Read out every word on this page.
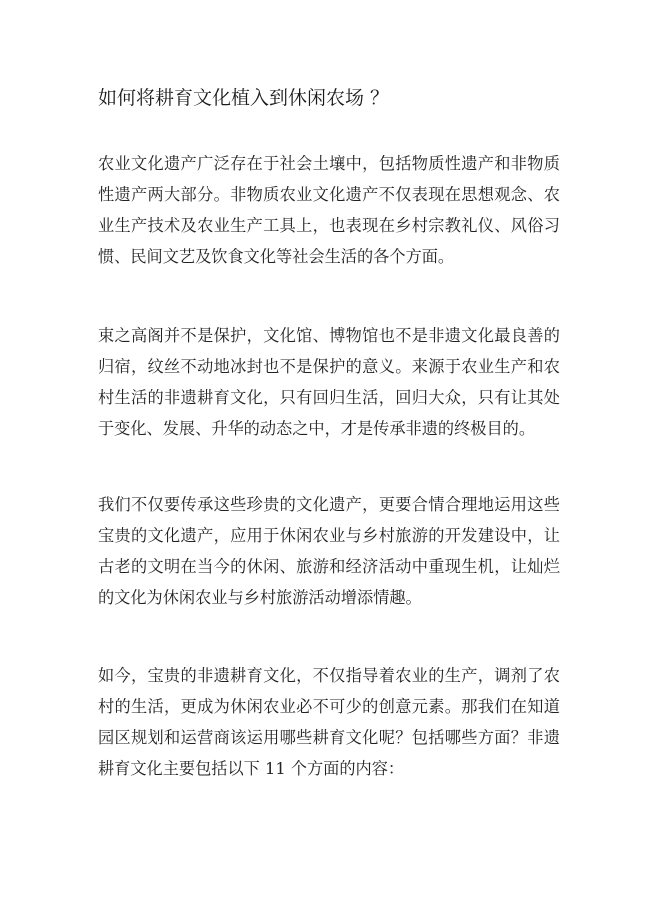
如何将耕育文化植入到休闲农场 ？

农业文化遗产广泛存在于社会土壤中，包括物质性遗产和非物质性遗产两大部分。非物质农业文化遗产不仅表现在思想观念、农业生产技术及农业生产工具上，也表现在乡村宗教礼仪、风俗习惯、民间文艺及饮食文化等社会生活的各个方面。

束之高阁并不是保护，文化馆、博物馆也不是非遗文化最良善的归宿，纹丝不动地冰封也不是保护的意义。来源于农业生产和农村生活的非遗耕育文化，只有回归生活，回归大众，只有让其处于变化、发展、升华的动态之中，才是传承非遗的终极目的。

我们不仅要传承这些珍贵的文化遗产，更要合情合理地运用这些宝贵的文化遗产，应用于休闲农业与乡村旅游的开发建设中，让古老的文明在当今的休闲、旅游和经济活动中重现生机，让灿烂的文化为休闲农业与乡村旅游活动增添情趣。

如今，宝贵的非遗耕育文化，不仅指导着农业的生产，调剂了农村的生活，更成为休闲农业必不可少的创意元素。那我们在知道园区规划和运营商该运用哪些耕育文化呢？包括哪些方面？非遗耕育文化主要包括以下 11 个方面的内容：
